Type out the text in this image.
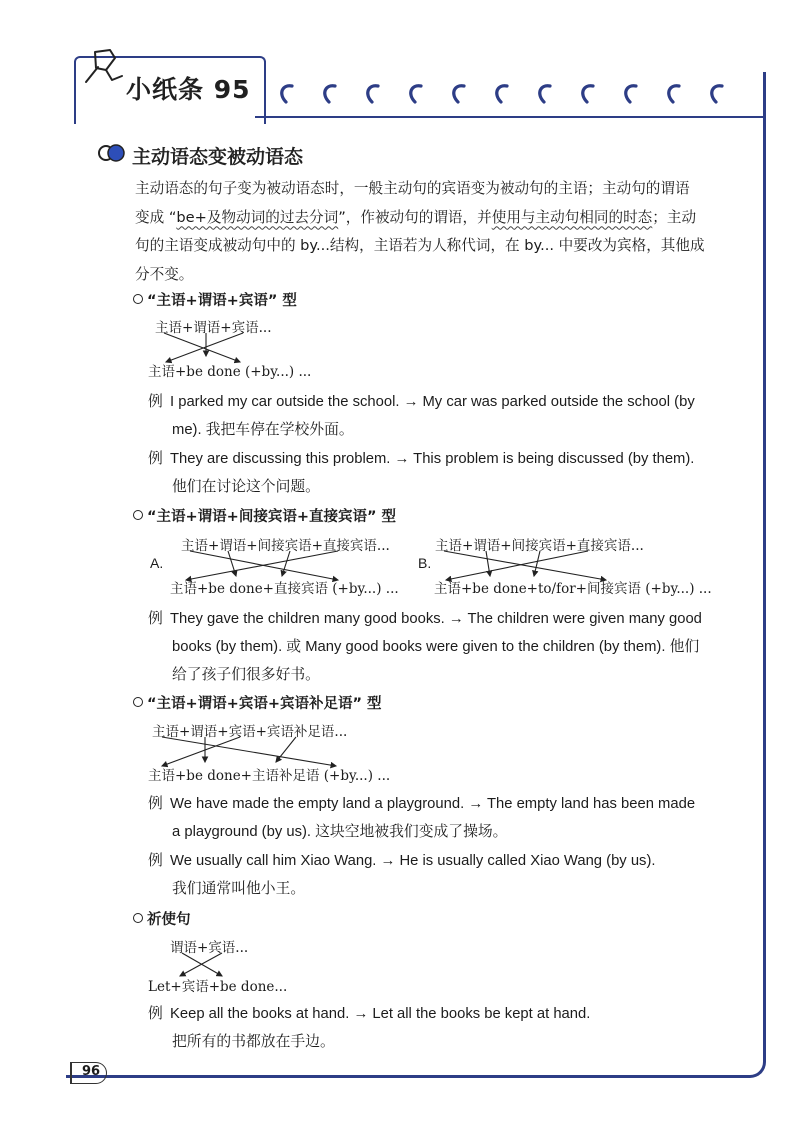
小纸条 95
主动语态变被动语态
主动语态的句子变为被动语态时，一般主动句的宾语变为被动句的主语；主动句的谓语
变成 “be+及物动词的过去分词”，作被动句的谓语，并使用与主动句相同的时态；主动
句的主语变成被动句中的 by...结构，主语若为人称代词，在 by... 中要改为宾格，其他成
分不变。
“主语+谓语+宾语” 型
主语+谓语+宾语...
主语+be done (+by...) ...
例 I parked my car outside the school. → My car was parked outside the school (by
me). 我把车停在学校外面。
例 They are discussing this problem. → This problem is being discussed (by them).
他们在讨论这个问题。
“主语+谓语+间接宾语+直接宾语” 型
A.
主语+谓语+间接宾语+直接宾语...
主语+be done+直接宾语 (+by...) ...
B.
主语+谓语+间接宾语+直接宾语...
主语+be done+to/for+间接宾语 (+by...) ...
例 They gave the children many good books. → The children were given many good
books (by them). 或 Many good books were given to the children (by them). 他们
给了孩子们很多好书。
“主语+谓语+宾语+宾语补足语” 型
主语+谓语+宾语+宾语补足语...
主语+be done+主语补足语 (+by...) ...
例 We have made the empty land a playground. → The empty land has been made
a playground (by us). 这块空地被我们变成了操场。
例 We usually call him Xiao Wang. → He is usually called Xiao Wang (by us).
我们通常叫他小王。
祈使句
谓语+宾语...
Let+宾语+be done...
例 Keep all the books at hand. → Let all the books be kept at hand.
把所有的书都放在手边。
96
